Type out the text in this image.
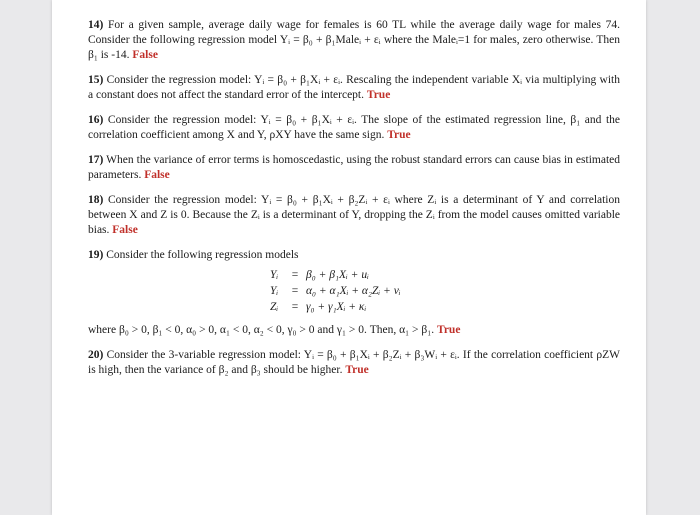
14) For a given sample, average daily wage for females is 60 TL while the average daily wage for males 74. Consider the following regression model Yᵢ = β₀ + β₁Maleᵢ + εᵢ where the Maleᵢ=1 for males, zero otherwise. Then β₁ is -14. False

15) Consider the regression model: Yᵢ = β₀ + β₁Xᵢ + εᵢ. Rescaling the independent variable Xᵢ via multiplying with a constant does not affect the standard error of the intercept. True

16) Consider the regression model: Yᵢ = β₀ + β₁Xᵢ + εᵢ. The slope of the estimated regression line, β₁ and the correlation coefficient among X and Y, ρXY have the same sign. True

17) When the variance of error terms is homoscedastic, using the robust standard errors can cause bias in estimated parameters. False

18) Consider the regression model: Yᵢ = β₀ + β₁Xᵢ + β₂Zᵢ + εᵢ where Zᵢ is a determinant of Y and correlation between X and Z is 0. Because the Zᵢ is a determinant of Y, dropping the Zᵢ from the model causes omitted variable bias. False

19) Consider the following regression models

Yᵢ	= β₀ + β₁Xᵢ + uᵢ
Yᵢ	= α₀ + α₁Xᵢ + α₂Zᵢ + vᵢ
Zᵢ	= γ₀ + γ₁Xᵢ + κᵢ

where β₀ > 0, β₁ < 0, α₀ > 0, α₁ < 0, α₂ < 0, γ₀ > 0 and γ₁ > 0. Then, α₁ > β₁. True

20) Consider the 3-variable regression model: Yᵢ = β₀ + β₁Xᵢ + β₂Zᵢ + β₃Wᵢ + εᵢ. If the correlation coefficient ρZW is high, then the variance of β₂ and β₃ should be higher. True
